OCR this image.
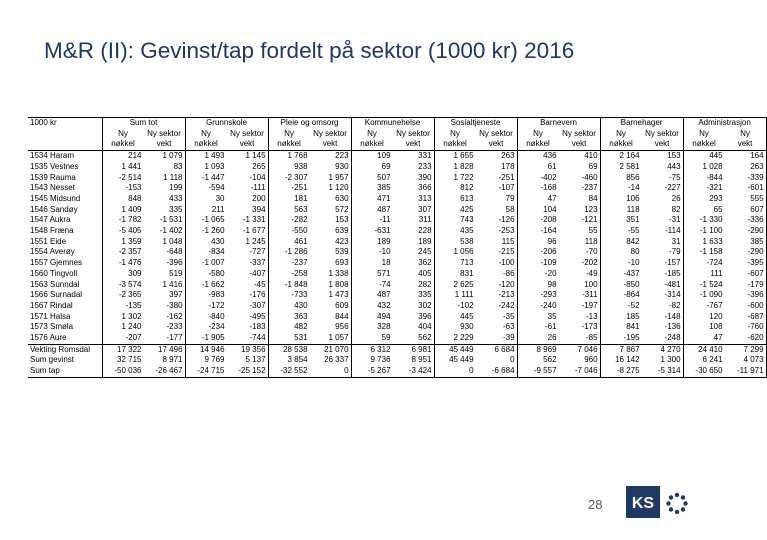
M&R (II): Gevinst/tap fordelt på sektor (1000 kr) 2016
1000 kr	Sum tot		Grunnskole		Pleie og omsorg		Kommunehelse		Sosialtjeneste		Barnevern		Barnehager		Administrasjon	
	Ny	Ny sektor	Ny	Ny sektor	Ny	Ny sektor	Ny	Ny sektor	Ny	Ny sektor	Ny	Ny sektor	Ny	Ny sektor	Ny	Ny
	nøkkel	vekt	nøkkel	vekt	nøkkel	vekt	nøkkel	vekt	nøkkel	vekt	nøkkel	vekt	nøkkel	vekt	nøkkel	vekt
1534 Haram	214	1 079	1 493	1 145	1 768	223	109	331	1 655	263	436	410	2 164	153	445	164
1535 Vestnes	1 441	83	1 093	265	938	930	69	233	1 828	178	61	69	2 581	443	1 028	263
1539 Rauma	-2 514	1 118	-1 447	-104	-2 307	1 957	507	390	1 722	-251	-402	-460	856	-75	-844	-339
1543 Nesset	-153	199	-594	-111	-251	1 120	385	366	812	-107	-168	-237	-14	-227	-321	-601
1545 Midsund	848	433	30	200	181	630	471	313	613	79	47	84	106	26	293	555
1546 Sandøy	1 409	335	211	394	563	572	487	307	425	58	104	123	118	82	65	607
1547 Aukra	-1 782	-1 531	-1 065	-1 331	-282	153	-11	311	743	-126	-208	-121	351	-31	-1 330	-336
1548 Fræna	-5 405	-1 402	-1 260	-1 677	-550	639	-631	228	435	-253	-164	55	-55	-114	-1 100	-290
1551 Eide	1 359	1 048	430	1 245	461	423	189	189	538	115	96	118	842	31	1 633	385
1554 Averøy	-2 357	-648	-834	-727	-1 286	539	-10	245	1 056	-215	-206	-70	80	-79	-1 158	-290
1557 Gjemnes	-1 476	-396	-1 007	-337	-237	693	18	362	713	-100	-109	-202	-10	-157	-724	-395
1560 Tingvoll	309	519	-580	-407	-258	1 338	571	405	831	-86	-20	-49	-437	-185	111	-607
1563 Sunndal	-3 574	1 416	-1 662	-45	-1 848	1 808	-74	282	2 625	-120	98	100	-850	-481	-1 524	-179
1566 Surnadal	-2 365	397	-983	-176	-733	1 473	487	335	1 111	-213	-293	-311	-864	-314	-1 090	-396
1567 Rindal	-135	-380	-172	-307	430	609	432	302	-102	-242	-240	-197	-52	-82	-767	-600
1571 Halsa	1 302	-162	-840	-495	363	844	494	396	445	-35	35	-13	185	-148	120	-687
1573 Smøla	1 240	-233	-234	-183	482	956	328	404	930	-63	-61	-173	841	-136	108	-760
1576 Aure	-207	-177	-1 905	-744	531	1 057	59	562	2 229	-39	26	-85	-195	-248	47	-620
Vekting Romsdal	17 322	17 496	14 946	19 356	28 538	21 070	6 312	6 981	45 449	6 684	8 969	7 046	7 867	4 270	24 410	7 299
Sum gevinst	32 715	8 971	9 769	5 137	3 854	26 337	9 736	8 951	45 449	0	562	960	16 142	1 300	6 241	4 073
Sum tap	-50 036	-26 467	-24 715	-25 152	-32 552	0	-5 267	-3 424	0	-6 684	-9 557	-7 046	-8 275	-5 314	-30 650	-11 971
28 KS
